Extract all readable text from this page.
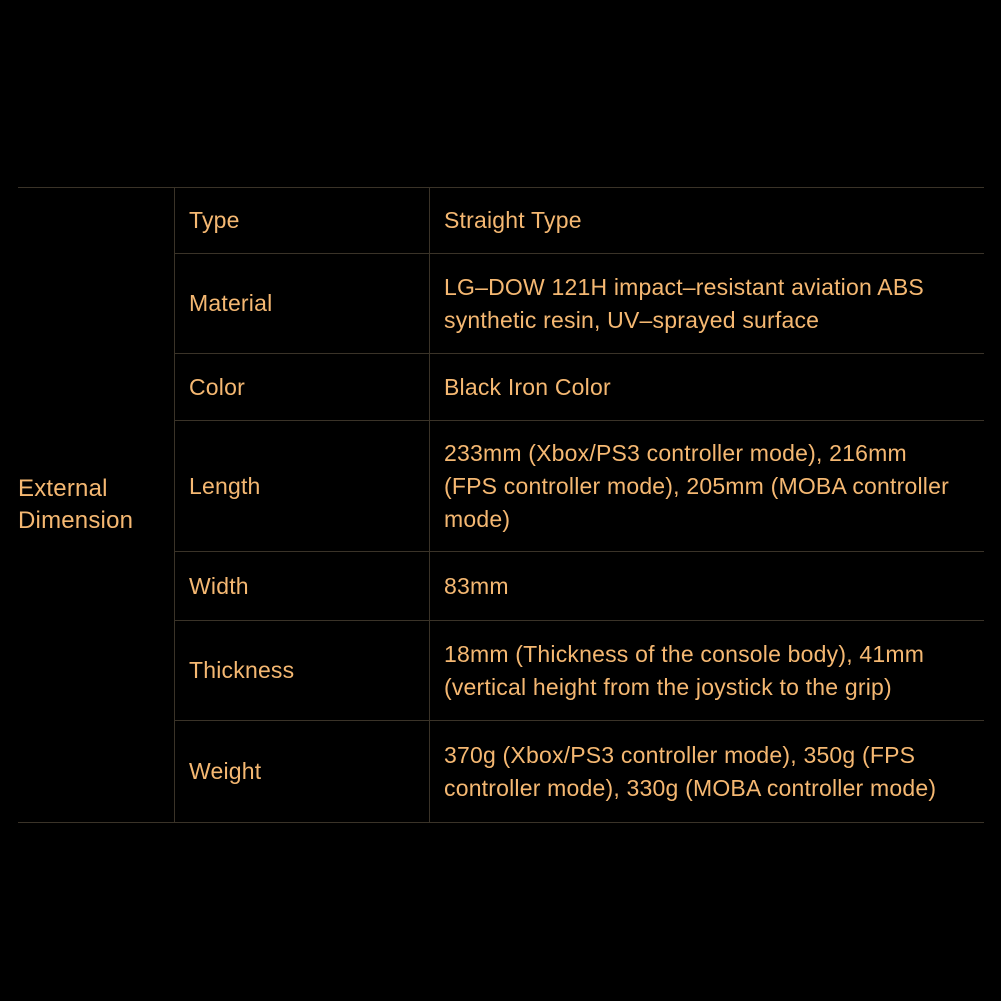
External Dimension	Type	Straight Type
	Material	LG–DOW 121H impact–resistant aviation ABS synthetic resin, UV–sprayed surface
	Color	Black Iron Color
	Length	233mm (Xbox/PS3 controller mode), 216mm (FPS controller mode), 205mm (MOBA controller mode)
	Width	83mm
	Thickness	18mm (Thickness of the console body), 41mm (vertical height from the joystick to the grip)
	Weight	370g (Xbox/PS3 controller mode), 350g (FPS controller mode), 330g (MOBA controller mode)
